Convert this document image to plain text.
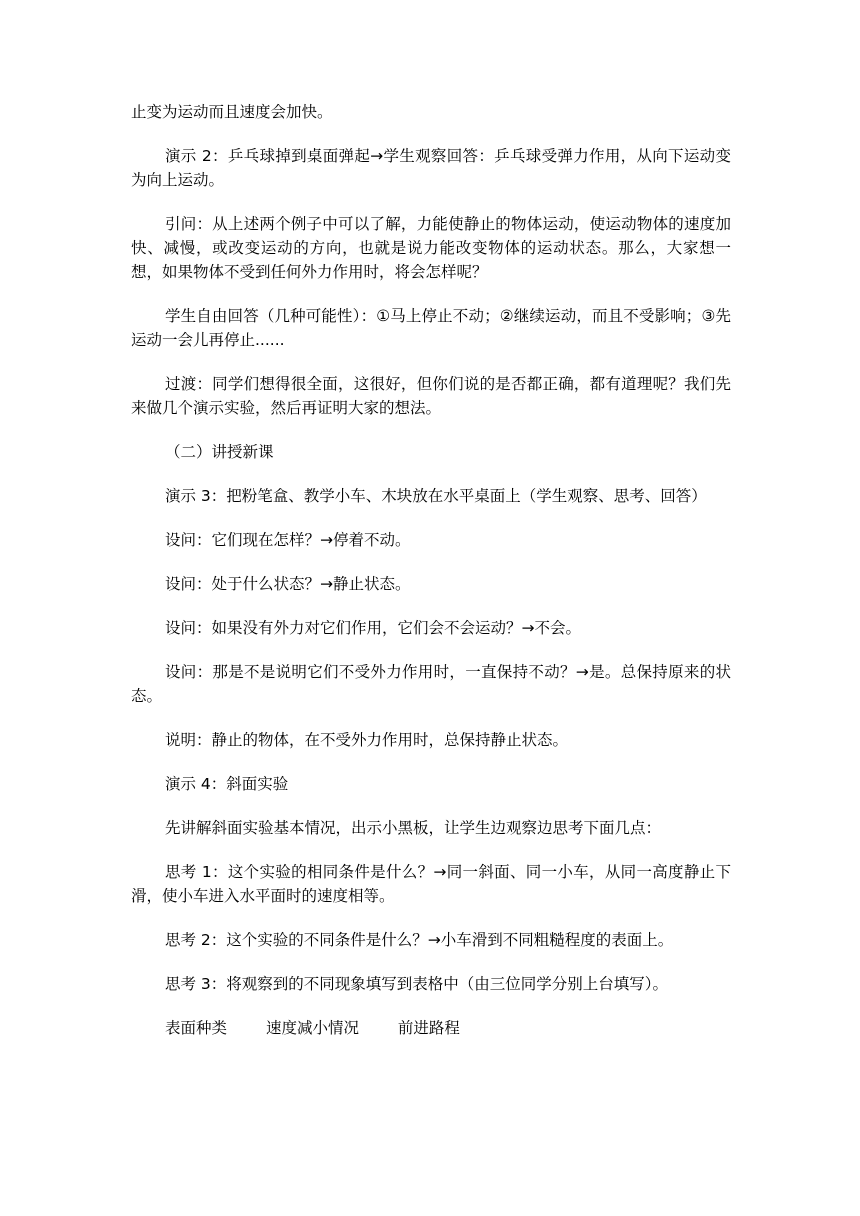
止变为运动而且速度会加快。

演示 2：乒乓球掉到桌面弹起→学生观察回答：乒乓球受弹力作用，从向下运动变为向上运动。

引问：从上述两个例子中可以了解，力能使静止的物体运动，使运动物体的速度加快、减慢，或改变运动的方向，也就是说力能改变物体的运动状态。那么，大家想一想，如果物体不受到任何外力作用时，将会怎样呢？

学生自由回答（几种可能性）：①马上停止不动；②继续运动，而且不受影响；③先运动一会儿再停止......

过渡：同学们想得很全面，这很好，但你们说的是否都正确，都有道理呢？我们先来做几个演示实验，然后再证明大家的想法。

（二）讲授新课

演示 3：把粉笔盒、教学小车、木块放在水平桌面上（学生观察、思考、回答）

设问：它们现在怎样？→停着不动。

设问：处于什么状态？→静止状态。

设问：如果没有外力对它们作用，它们会不会运动？→不会。

设问：那是不是说明它们不受外力作用时，一直保持不动？→是。总保持原来的状态。

说明：静止的物体，在不受外力作用时，总保持静止状态。

演示 4：斜面实验

先讲解斜面实验基本情况，出示小黑板，让学生边观察边思考下面几点：

思考 1：这个实验的相同条件是什么？→同一斜面、同一小车，从同一高度静止下滑，使小车进入水平面时的速度相等。

思考 2：这个实验的不同条件是什么？→小车滑到不同粗糙程度的表面上。

思考 3：将观察到的不同现象填写到表格中（由三位同学分别上台填写）。

表面种类	速度减小情况	前进路程
